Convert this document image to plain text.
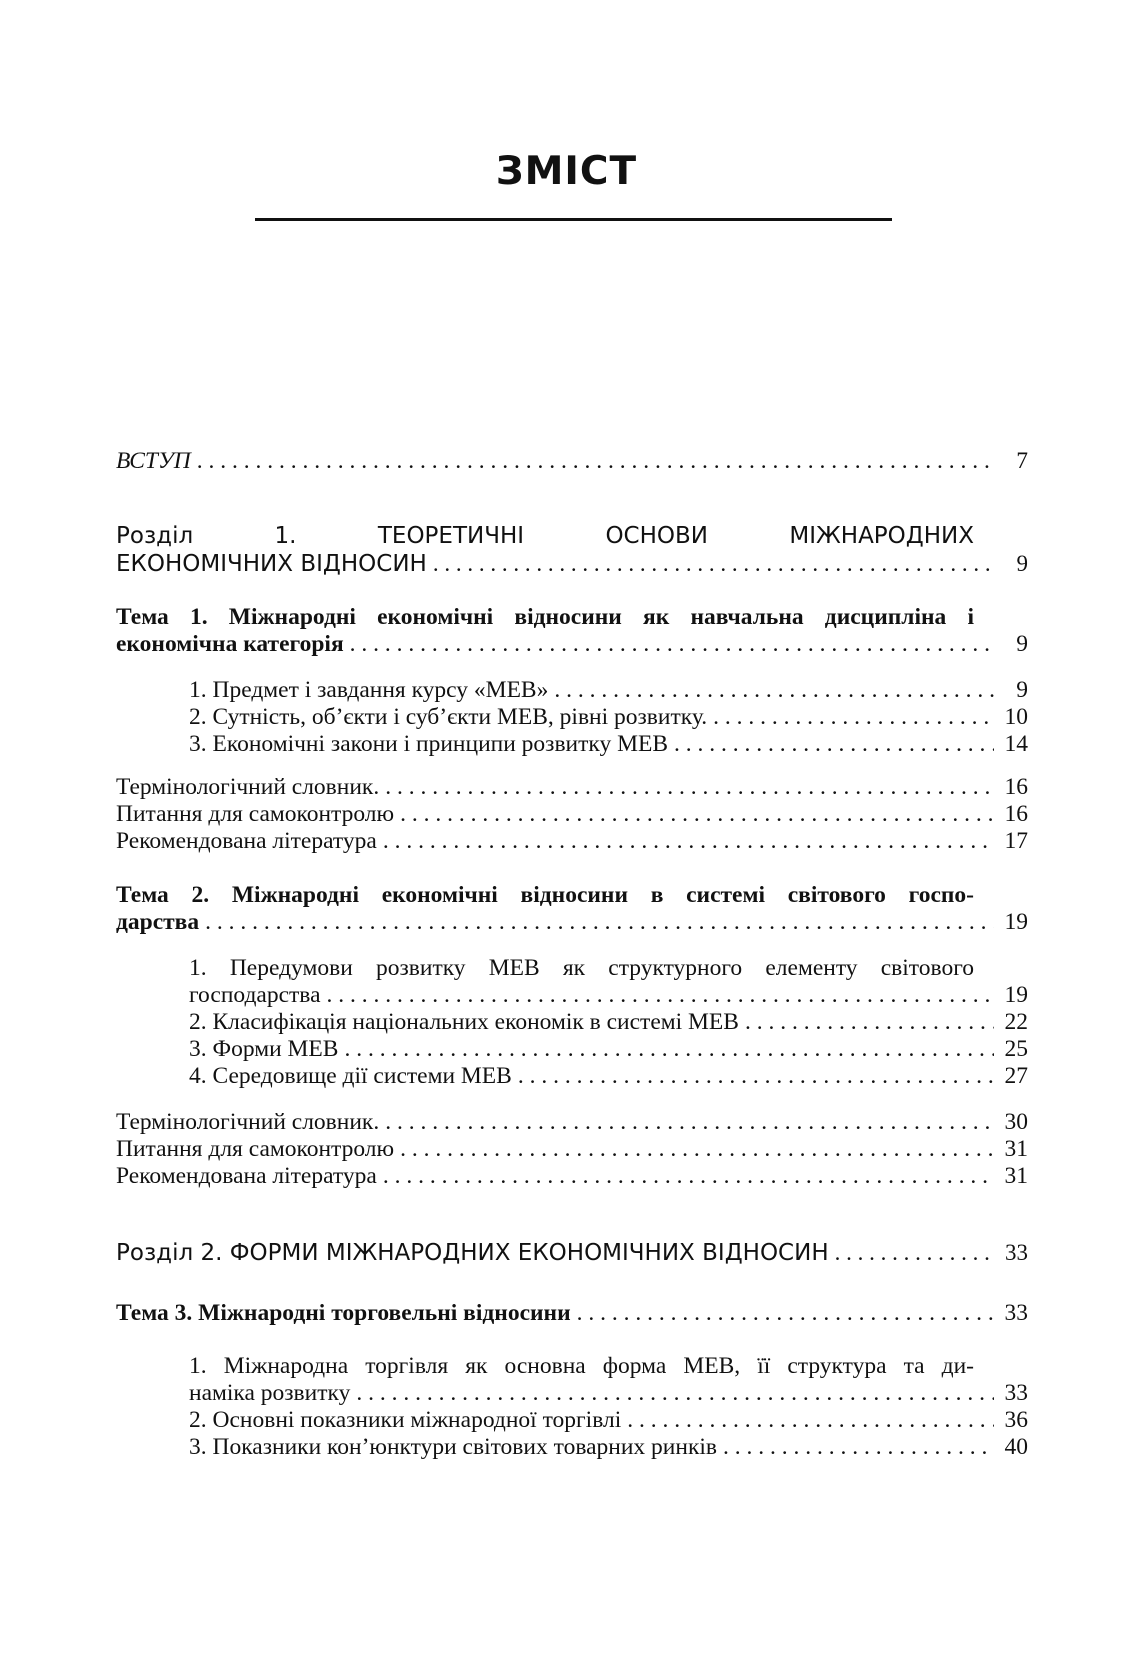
ЗМІСТ
ВСТУП . . .	7
Розділ 1. ТЕОРЕТИЧНІ ОСНОВИ МІЖНАРОДНИХ
ЕКОНОМІЧНИХ ВІДНОСИН . . .	9
Тема 1. Міжнародні економічні відносини як навчальна дисципліна і
економічна категорія . . .	9
1. Предмет і завдання курсу «МЕВ» . . .	9
2. Сутність, об’єкти і суб’єкти МЕВ, рівні розвитку. . . .	10
3. Економічні закони і принципи розвитку МЕВ . . .	14
Термінологічний словник. . . .	16
Питання для самоконтролю . . .	16
Рекомендована література . . .	17
Тема 2. Міжнародні економічні відносини в системі світового госпо-
дарства . . .	19
1. Передумови розвитку МЕВ як структурного елементу світового
господарства . . .	19
2. Класифікація національних економік в системі МЕВ . . .	22
3. Форми МЕВ . . .	25
4. Середовище дії системи МЕВ . . .	27
Термінологічний словник. . . .	30
Питання для самоконтролю . . .	31
Рекомендована література . . .	31
Розділ 2. ФОРМИ МІЖНАРОДНИХ ЕКОНОМІЧНИХ ВІДНОСИН . . .	33
Тема 3. Міжнародні торговельні відносини . . .	33
1. Міжнародна торгівля як основна форма МЕВ, її структура та ди-
наміка розвитку . . .	33
2. Основні показники міжнародної торгівлі . . .	36
3. Показники кон’юнктури світових товарних ринків . . .	40
